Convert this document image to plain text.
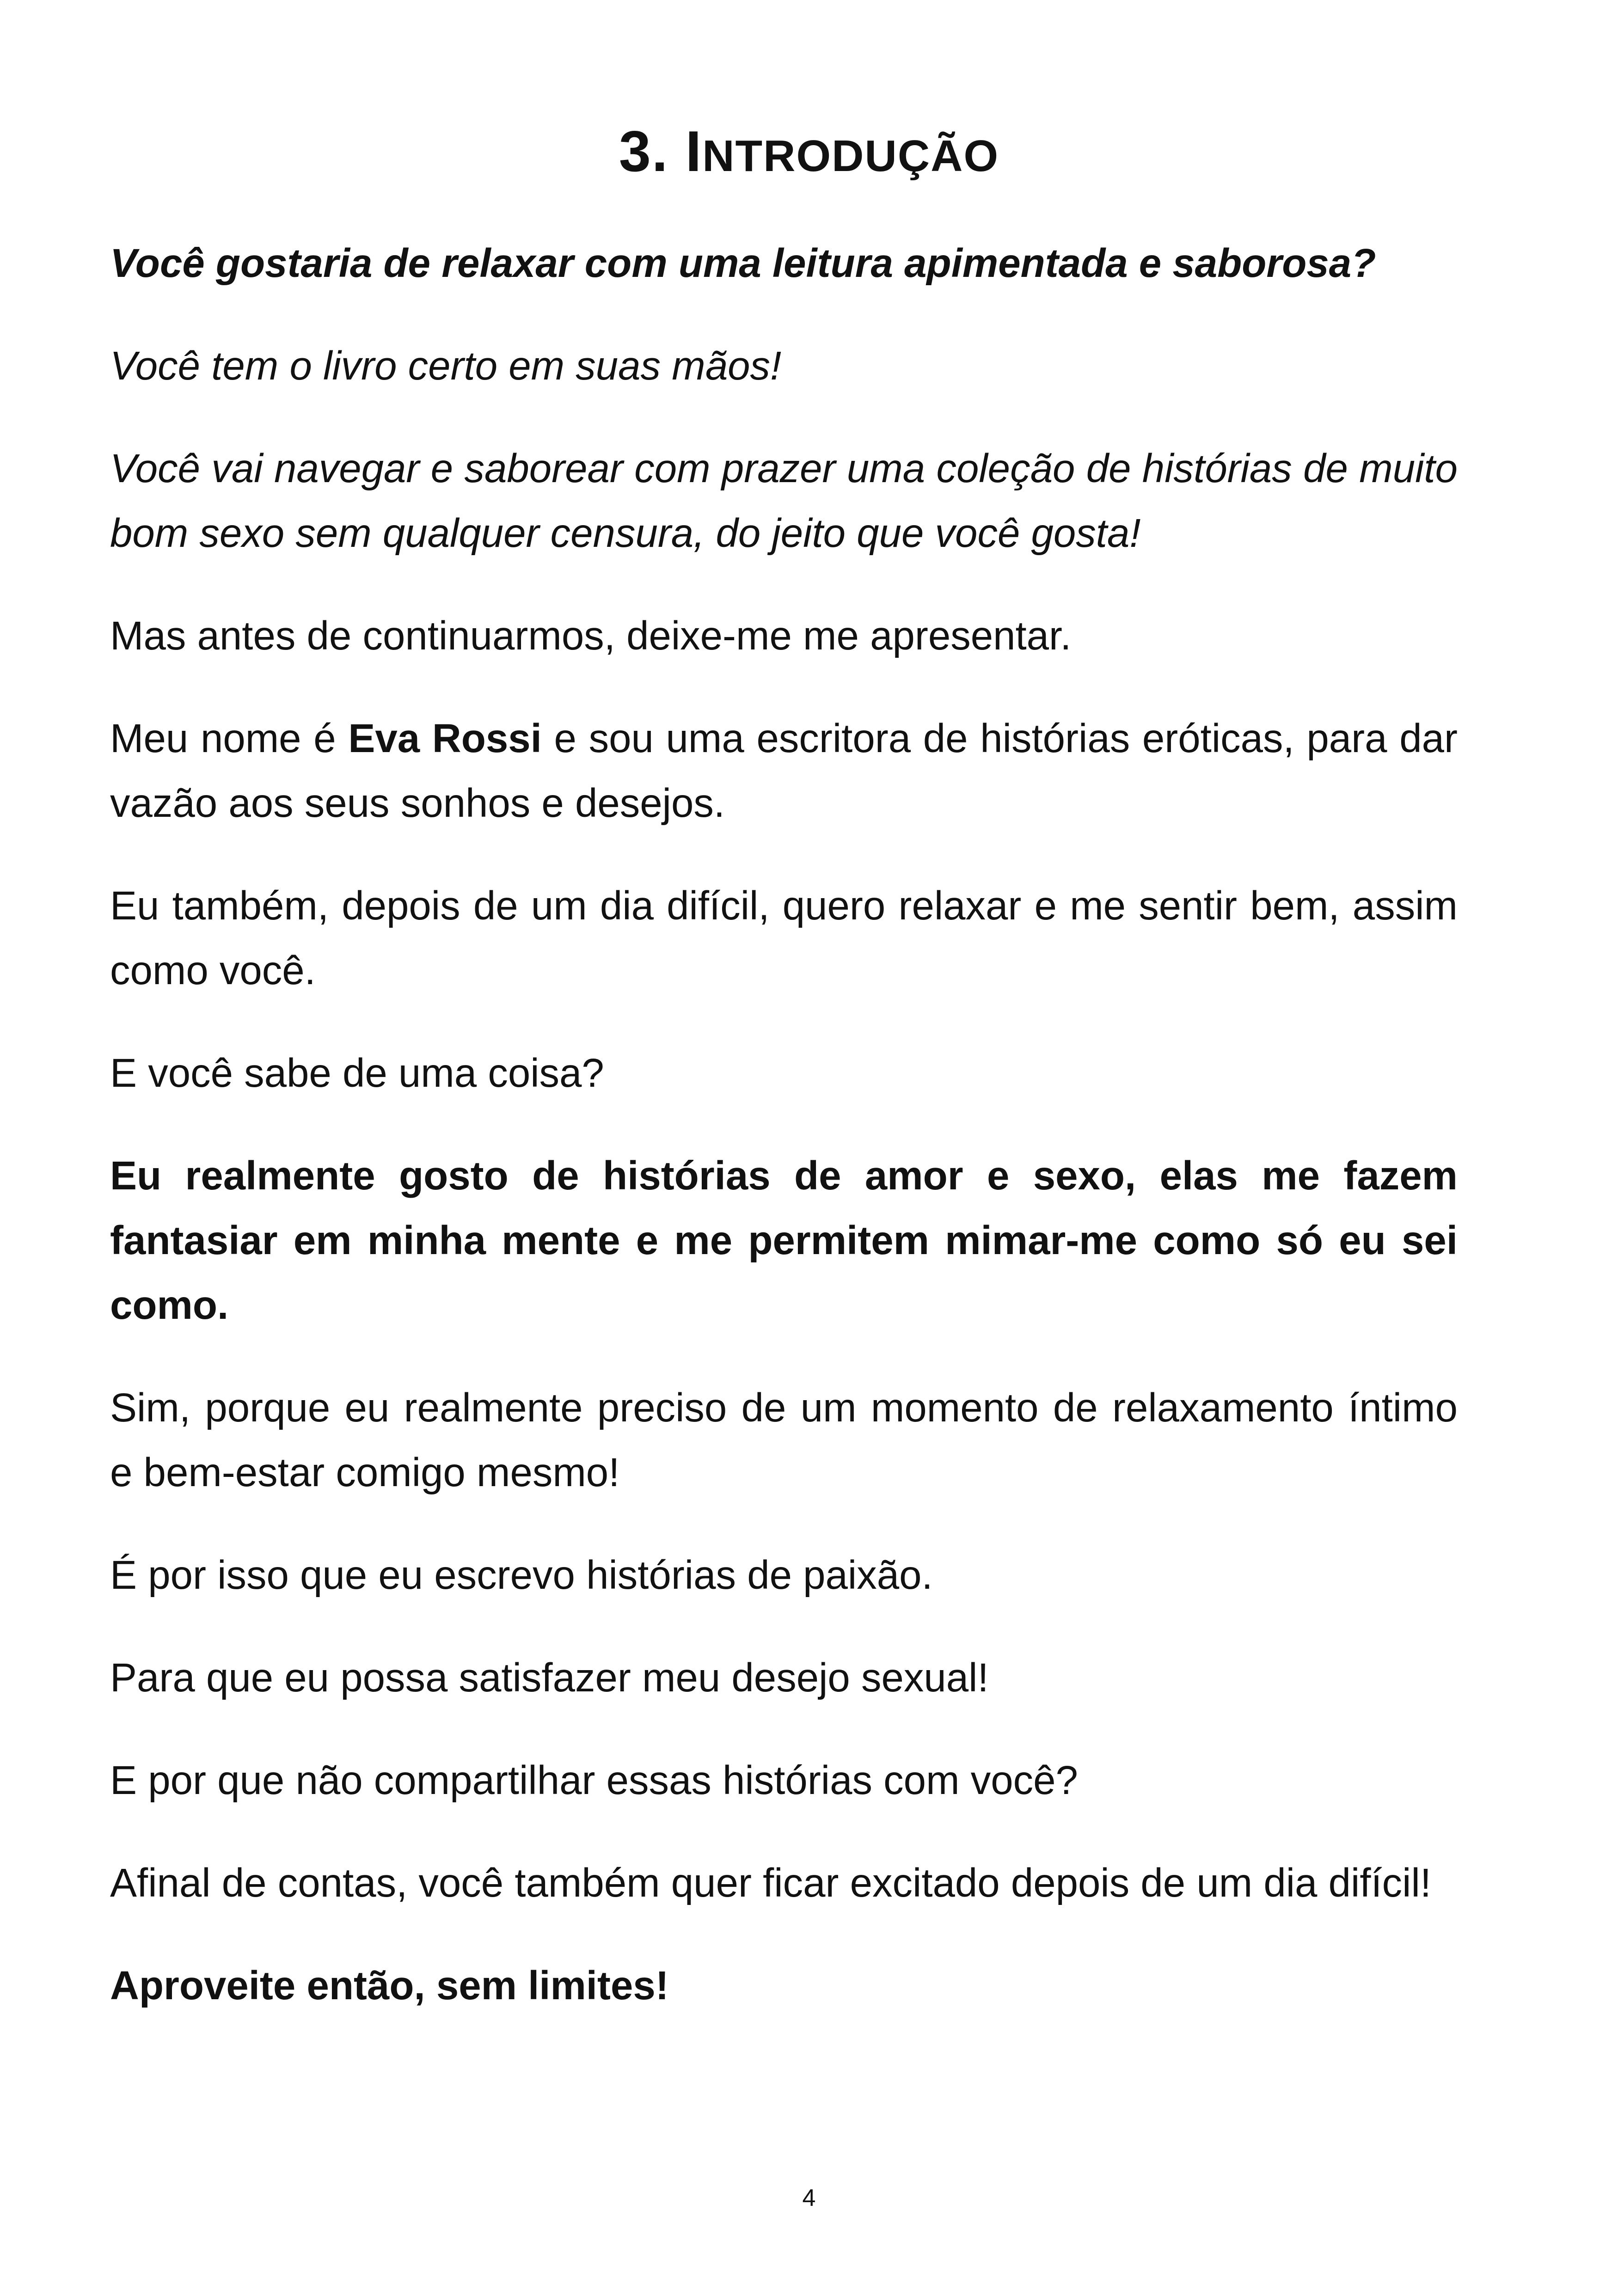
3. INTRODUÇÃO

Você gostaria de relaxar com uma leitura apimentada e saborosa?

Você tem o livro certo em suas mãos!

Você vai navegar e saborear com prazer uma coleção de histórias de muito bom sexo sem qualquer censura, do jeito que você gosta!

Mas antes de continuarmos, deixe-me me apresentar.

Meu nome é Eva Rossi e sou uma escritora de histórias eróticas, para dar vazão aos seus sonhos e desejos.

Eu também, depois de um dia difícil, quero relaxar e me sentir bem, assim como você.

E você sabe de uma coisa?

Eu realmente gosto de histórias de amor e sexo, elas me fazem fantasiar em minha mente e me permitem mimar-me como só eu sei como.

Sim, porque eu realmente preciso de um momento de relaxamento íntimo e bem-estar comigo mesmo!

É por isso que eu escrevo histórias de paixão.

Para que eu possa satisfazer meu desejo sexual!

E por que não compartilhar essas histórias com você?

Afinal de contas, você também quer ficar excitado depois de um dia difícil!

Aproveite então, sem limites!

4
